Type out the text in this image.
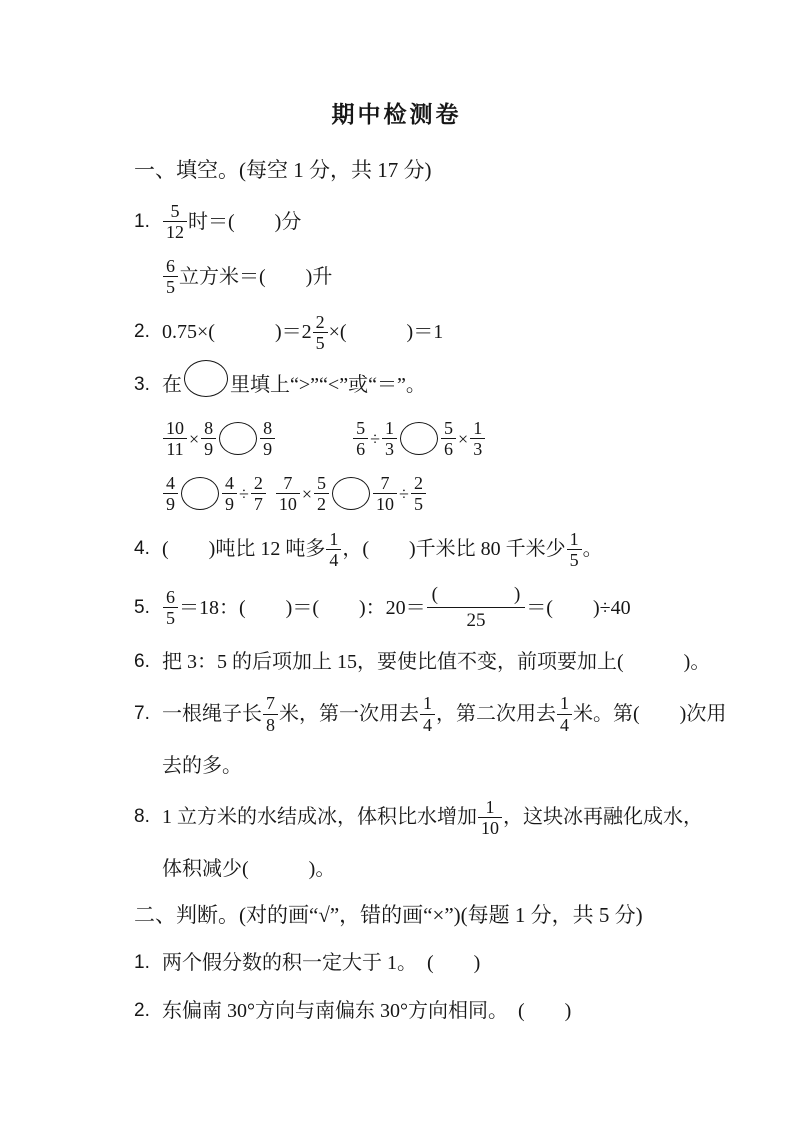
期中检测卷
一、填空。(每空 1 分，共 17 分)
1. $\frac{5}{12}$ 时＝(　　)分
$\frac{6}{5}$ 立方米＝(　　)升
2. 0.75×(　　　)$=2 \frac{2}{5}$ ×(　　　)＝1
3. 在 里填上“>”“<”或“＝”。
$\frac{10}{11} \times \frac{8}{9} \frac{8}{9}$	$\frac{5}{6} \div \frac{1}{3} \frac{5}{6} \times \frac{1}{3}$
$\frac{4}{9} \frac{4}{9} \div \frac{2}{7} \frac{7}{10} \times \frac{5}{2} \frac{7}{10} \div \frac{2}{5}$
4. (　　)吨比 12 吨多 $\frac{1}{4}$ ，(　　)千米比 80 千米少 $\frac{1}{5}$ 。
5. $\frac{6}{5} =18$：(　　)＝(　　)：$20= \frac{( )}{25}$ ＝(　　)÷40
6. 把 3：5 的后项加上 15，要使比值不变，前项要加上(　　　)。
7. 一根绳子长 $\frac{7}{8}$ 米，第一次用去 $\frac{1}{4}$ ，第二次用去 $\frac{1}{4}$ 米。第(　　)次用
去的多。
8. 1 立方米的水结成冰，体积比水增加 $\frac{1}{10}$ ，这块冰再融化成水，
体积减少(　　　)。
二、判断。(对的画“√”，错的画“×”)(每题 1 分，共 5 分)
1. 两个假分数的积一定大于 1。　(　　)
2. 东偏南 30°方向与南偏东 30°方向相同。　(　　)
